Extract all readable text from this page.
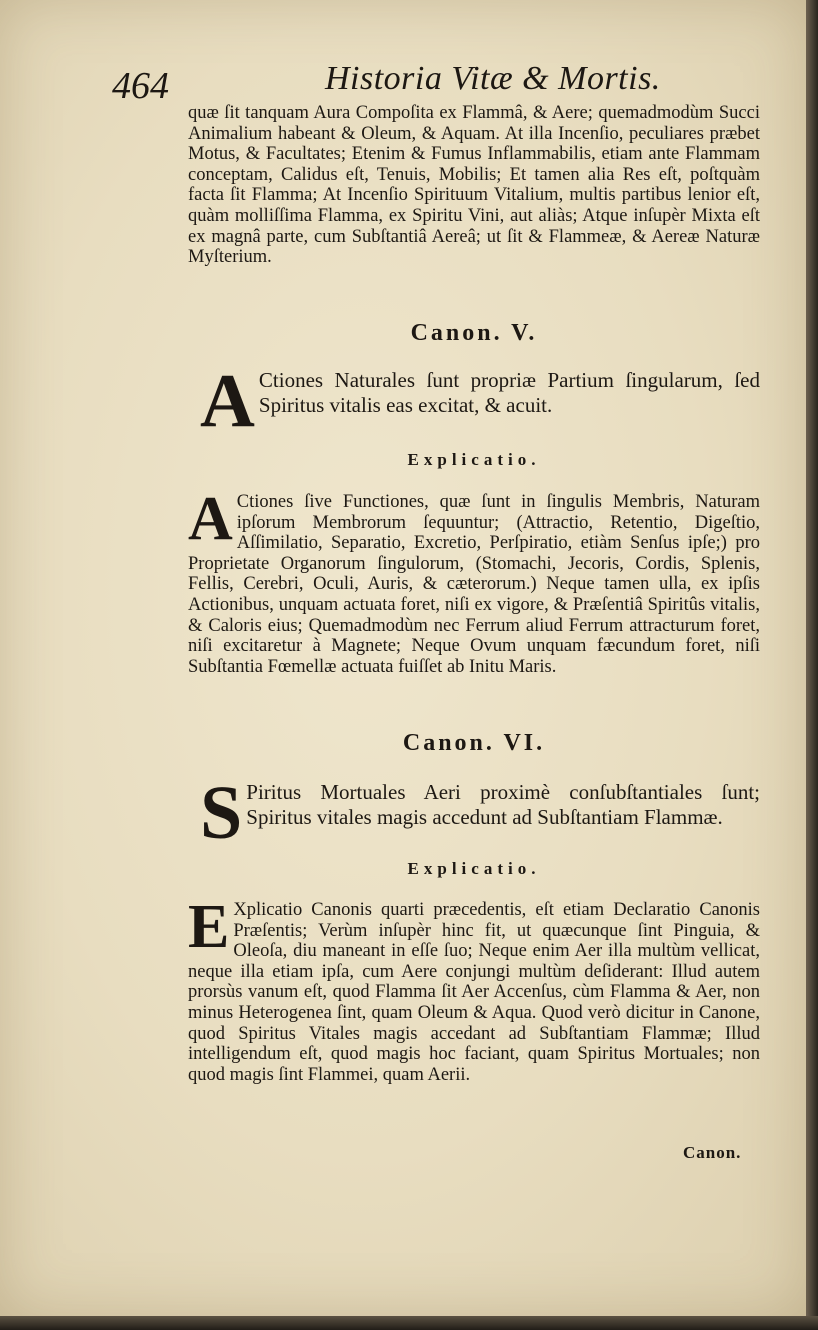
464	Historia Vitæ & Mortis.

quæ ſit tanquam Aura Compoſita ex Flammâ, & Aere; quemadmodùm Succi Animalium habeant & Oleum, & Aquam. At illa Incenſio, peculiares præbet Motus, & Facultates; Etenim & Fumus Inflammabilis, etiam ante Flammam conceptam, Calidus eſt, Tenuis, Mobilis; Et tamen alia Res eſt, poſtquàm facta ſit Flamma; At Incenſio Spirituum Vitalium, multis partibus lenior eſt, quàm molliſſima Flamma, ex Spiritu Vini, aut aliàs; Atque inſupèr Mixta eſt ex magnâ parte, cum Subſtantiâ Aereâ; ut ſit & Flammeæ, & Aereæ Naturæ Myſterium.

Canon. V.
A Ctiones Naturales ſunt propriæ Partium ſingularum, ſed Spiritus vitalis eas excitat, & acuit.
Explicatio.
A Ctiones ſive Functiones, quæ ſunt in ſingulis Membris, Naturam ipſorum Membrorum ſequuntur; (Attractio, Retentio, Digeſtio, Aſſimilatio, Separatio, Excretio, Perſpiratio, etiàm Senſus ipſe;) pro Proprietate Organorum ſingulorum, (Stomachi, Jecoris, Cordis, Splenis, Fellis, Cerebri, Oculi, Auris, & cæterorum.) Neque tamen ulla, ex ipſis Actionibus, unquam actuata foret, niſi ex vigore, & Præſentiâ Spiritûs vitalis, & Caloris eius; Quemadmodùm nec Ferrum aliud Ferrum attracturum foret, niſi excitaretur à Magnete; Neque Ovum unquam fæcundum foret, niſi Subſtantia Fœmellæ actuata fuiſſet ab Initu Maris.
Canon. VI.
S Piritus Mortuales Aeri proximè conſubſtantiales ſunt; Spiritus vitales magis accedunt ad Subſtantiam Flammæ.
Explicatio.
E Xplicatio Canonis quarti præcedentis, eſt etiam Declaratio Canonis Præſentis; Verùm inſupèr hinc fit, ut quæcunque ſint Pinguia, & Oleoſa, diu maneant in eſſe ſuo; Neque enim Aer illa multùm vellicat, neque illa etiam ipſa, cum Aere conjungi multùm deſiderant: Illud autem prorsùs vanum eſt, quod Flamma ſit Aer Accenſus, cùm Flamma & Aer, non minus Heterogenea ſint, quam Oleum & Aqua. Quod verò dicitur in Canone, quod Spiritus Vitales magis accedant ad Subſtantiam Flammæ; Illud intelligendum eſt, quod magis hoc faciant, quam Spiritus Mortuales; non quod magis ſint Flammei, quam Aerii.
Canon.
